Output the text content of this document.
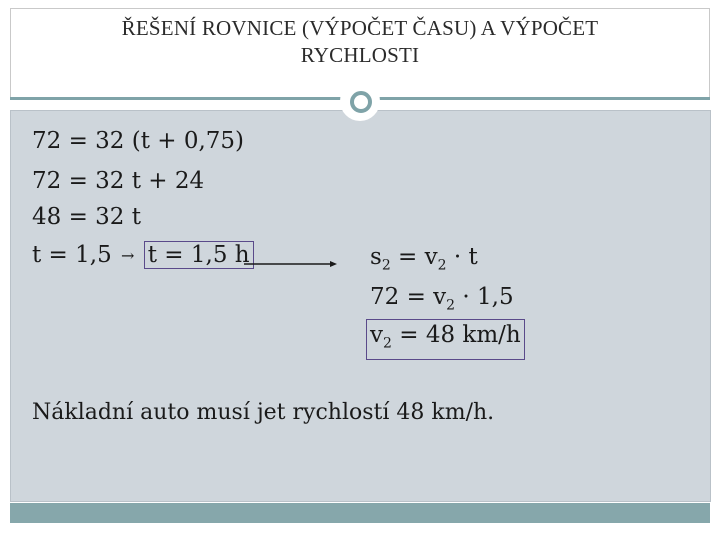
ŘEŠENÍ ROVNICE (VÝPOČET ČASU) A VÝPOČET
RYCHLOSTI
72 = 32 (t + 0,75)
72 = 32 t + 24
48 = 32 t
t = 1,5 → t = 1,5 h	$s_2 = v_2 \cdot t$
$72 = v_2 \cdot 1,5$
$v_2 = 48$ km/h
Nákladní auto musí jet rychlostí 48 km/h.
